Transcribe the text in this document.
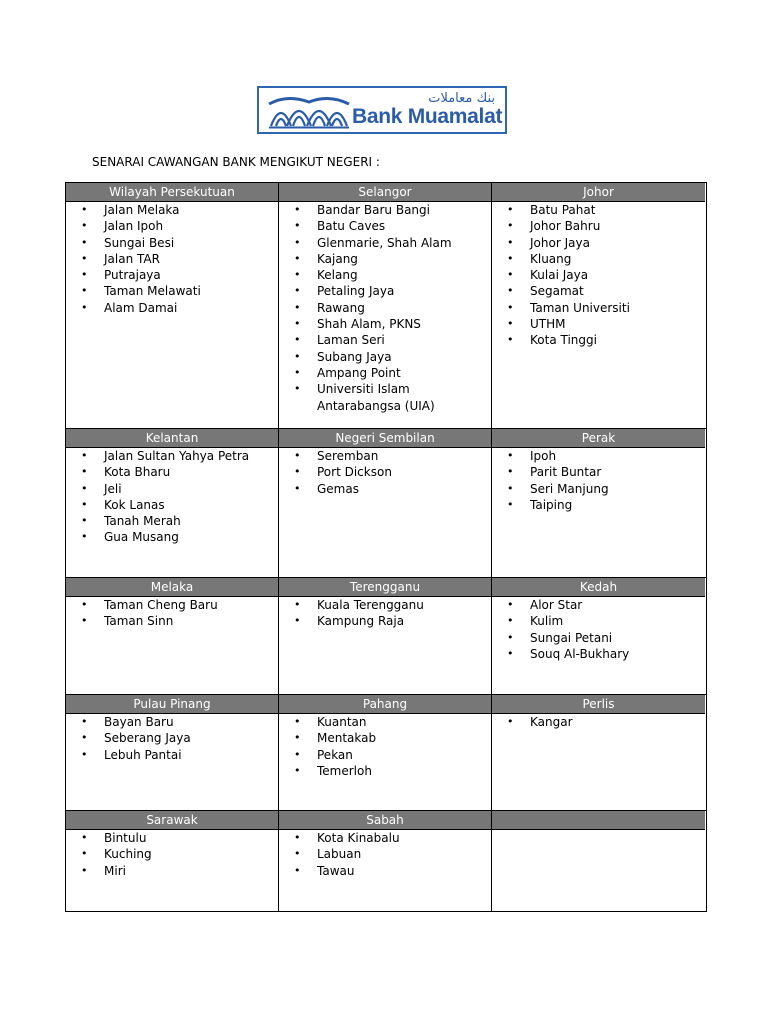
بنك معاملات
Bank Muamalat
SENARAI CAWANGAN BANK MENGIKUT NEGERI :
Wilayah Persekutuan
• Jalan Melaka
• Jalan Ipoh
• Sungai Besi
• Jalan TAR
• Putrajaya
• Taman Melawati
• Alam Damai
Selangor
• Bandar Baru Bangi
• Batu Caves
• Glenmarie, Shah Alam
• Kajang
• Kelang
• Petaling Jaya
• Rawang
• Shah Alam, PKNS
• Laman Seri
• Subang Jaya
• Ampang Point
• Universiti Islam Antarabangsa (UIA)
Johor
• Batu Pahat
• Johor Bahru
• Johor Jaya
• Kluang
• Kulai Jaya
• Segamat
• Taman Universiti
• UTHM
• Kota Tinggi
Kelantan
• Jalan Sultan Yahya Petra
• Kota Bharu
• Jeli
• Kok Lanas
• Tanah Merah
• Gua Musang
Negeri Sembilan
• Seremban
• Port Dickson
• Gemas
Perak
• Ipoh
• Parit Buntar
• Seri Manjung
• Taiping
Melaka
• Taman Cheng Baru
• Taman Sinn
Terengganu
• Kuala Terengganu
• Kampung Raja
Kedah
• Alor Star
• Kulim
• Sungai Petani
• Souq Al-Bukhary
Pulau Pinang
• Bayan Baru
• Seberang Jaya
• Lebuh Pantai
Pahang
• Kuantan
• Mentakab
• Pekan
• Temerloh
Perlis
• Kangar
Sarawak
• Bintulu
• Kuching
• Miri
Sabah
• Kota Kinabalu
• Labuan
• Tawau
